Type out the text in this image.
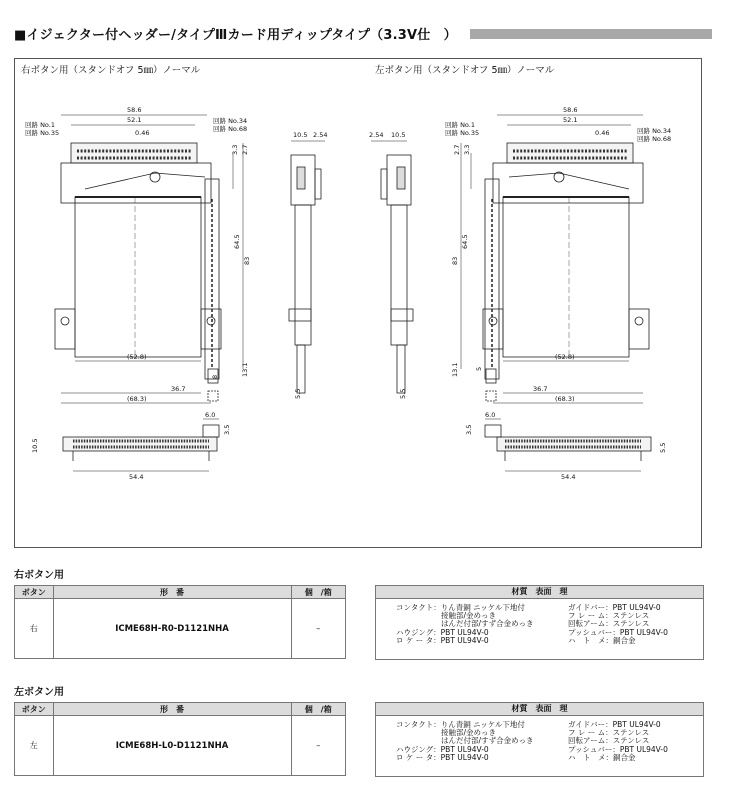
■イジェクター付ヘッダー/タイプⅢカード用ディップタイプ（3.3V仕　）
右ボタン用（スタンドオフ 5㎜）ノーマル	左ボタン用（スタンドオフ 5㎜）ノーマル
58.6
52.1
0.46
回路 No.1
回路 No.35
回路 No.34
回路 No.68
3.3 2.7
64.5
83
13.1
8
(52.8)
36.7
(68.3)
10.5 2.54
5.5
6.0
3.5
10.5
54.4
2.54 10.5
5.5
58.6
52.1
0.46
回路 No.1
回路 No.35	回路 No.34
回路 No.68
2.7 3.3
64.5
83
13.1 5
(52.8)
36.7
(68.3)
6.0
3.5
5.5
54.4
右ボタン用
ボタン	形　番	個　/箱
右	ICME68H-R0-D1121NHA	–
材質　表面　理
コンタクト：りん青銅 ニッケル下地付
　　　　　　接触部/金めっき
　　　　　　はんだ付部/すず合金めっき
ハウジング：PBT UL94V-0
ロ ケ ー タ：PBT UL94V-0
ガイドバー：PBT UL94V-0
フ レ ー ム：ステンレス
回転アーム：ステンレス
プッシュバー：PBT UL94V-0
ハ　ト　メ：銅合金
左ボタン用
ボタン	形　番	個　/箱
左	ICME68H-L0-D1121NHA	–
材質　表面　理
コンタクト：りん青銅 ニッケル下地付
　　　　　　接触部/金めっき
　　　　　　はんだ付部/すず合金めっき
ハウジング：PBT UL94V-0
ロ ケ ー タ：PBT UL94V-0
ガイドバー：PBT UL94V-0
フ レ ー ム：ステンレス
回転アーム：ステンレス
プッシュバー：PBT UL94V-0
ハ　ト　メ：銅合金
